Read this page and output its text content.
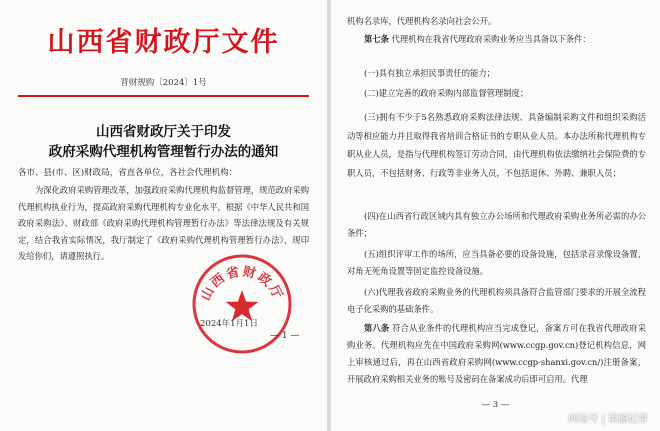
山西省财政厅文件
晋财规购〔2024〕1号
山西省财政厅关于印发
政府采购代理机构管理暂行办法的通知
各市、县(市、区)财政局，省直各单位，各社会代理机构：
为深化政府采购管理改革，加强政府采购代理机构监督管理，规范政府采购代理机构执业行为，提高政府采购代理机构专业化水平，根据《中华人民共和国政府采购法》、财政部《政府采购代理机构管理暂行办法》等法律法规及有关规定，结合我省实际情况，我厅制定了《政府采购代理机构管理暂行办法》，现印发给你们，请遵照执行。
山西省财政厅
2024年1月1日
— 1 —
机构名录库，代理机构名录向社会公开。
第七条 代理机构在我省代理政府采购业务应当具备以下条件：
(一)具有独立承担民事责任的能力；
(二)建立完善的政府采购内部监督管理制度；
(三)拥有不少于5名熟悉政府采购法律法规、具备编制采购文件和组织采购活动等相应能力并且取得我省培训合格证书的专职从业人员。本办法所称代理机构专职从业人员，是指与代理机构签订劳动合同，由代理机构依法缴纳社会保险费的专职人员，不包括财务、行政等非业务人员，不包括退休、外聘、兼职人员；
(四)在山西省行政区域内具有独立办公场所和代理政府采购业务所必需的办公条件；
(五)组织评审工作的场所，应当具备必要的设备设施，包括录音录像设备置，对角无死角设置等固定监控设备设施。
(六)代理我省政府采购业务的代理机构须具备符合监管部门要求的开展全流程电子化采购的基础条件。
第八条 符合从业条件的代理机构应当完成登记，备案方可在我省代理政府采购业务。代理机构应先在中国政府采购网(www.ccgp.gov.cn)登记机构信息，网上审核通过后，再在山西省政府采购网(www.ccgp-shanxi.gov.cn/)注册备案，开展政府采购相关业务的账号及密码在备案成功后即可启用。代理
— 3 —
网易号 | 清源记事
